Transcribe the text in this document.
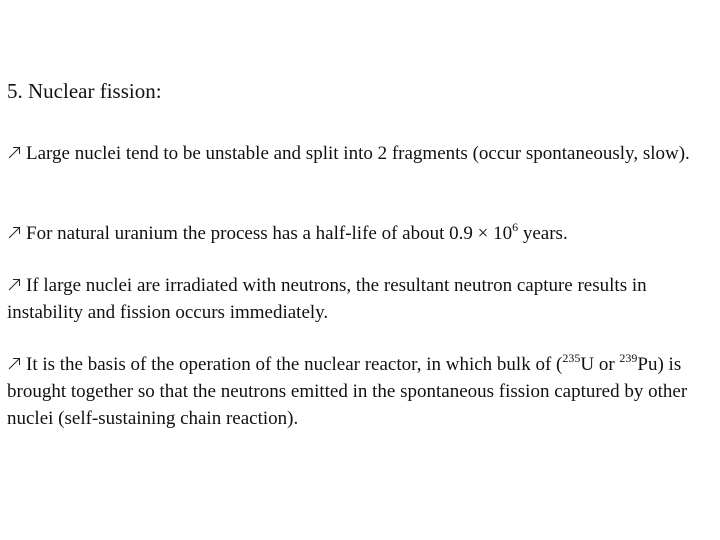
5. Nuclear fission:
Large nuclei tend to be unstable and split into 2 fragments (occur spontaneously, slow).
For natural uranium the process has a half-life of about $0.9 \times 10^6$ years.
If large nuclei are irradiated with neutrons, the resultant neutron capture results in instability and fission occurs immediately.
It is the basis of the operation of the nuclear reactor, in which bulk of ($^{235}$U or $^{239}$Pu) is brought together so that the neutrons emitted in the spontaneous fission captured by other nuclei (self-sustaining chain reaction).
